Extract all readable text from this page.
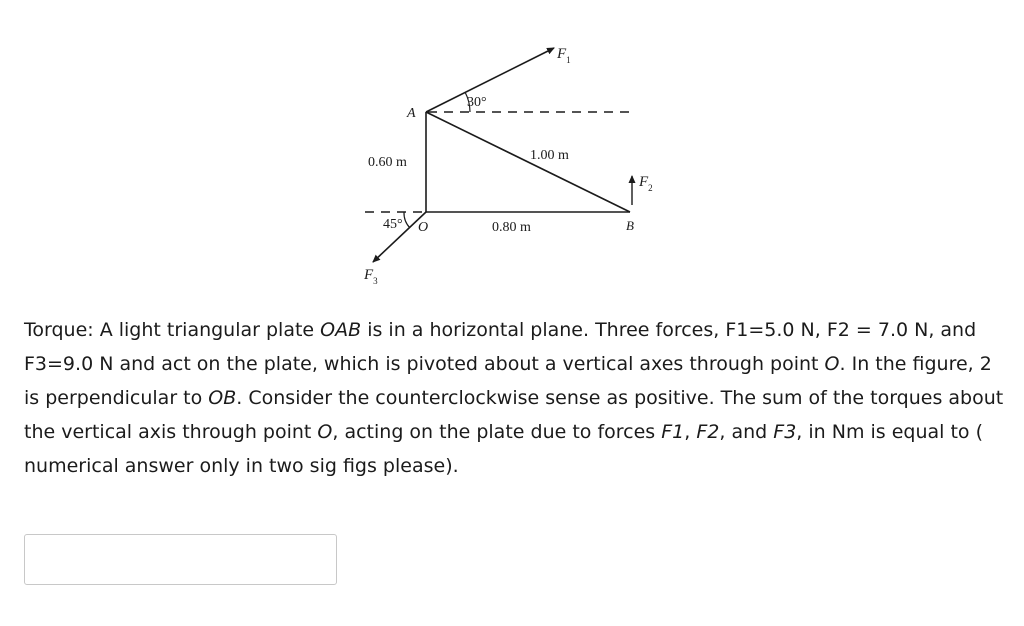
30°
45°
A
O	B
$F_1$
$F_2$
$F_3$
0.60 m	1.00 m
0.80 m

Torque: A light triangular plate OAB is in a horizontal plane. Three forces, F1=5.0 N, F2 = 7.0 N, and F3=9.0 N and act on the plate, which is pivoted about a vertical axes through point O. In the figure, 2 is perpendicular to OB. Consider the counterclockwise sense as positive. The sum of the torques about the vertical axis through point O, acting on the plate due to forces F1, F2, and F3, in Nm is equal to ( numerical answer only in two sig figs please).
